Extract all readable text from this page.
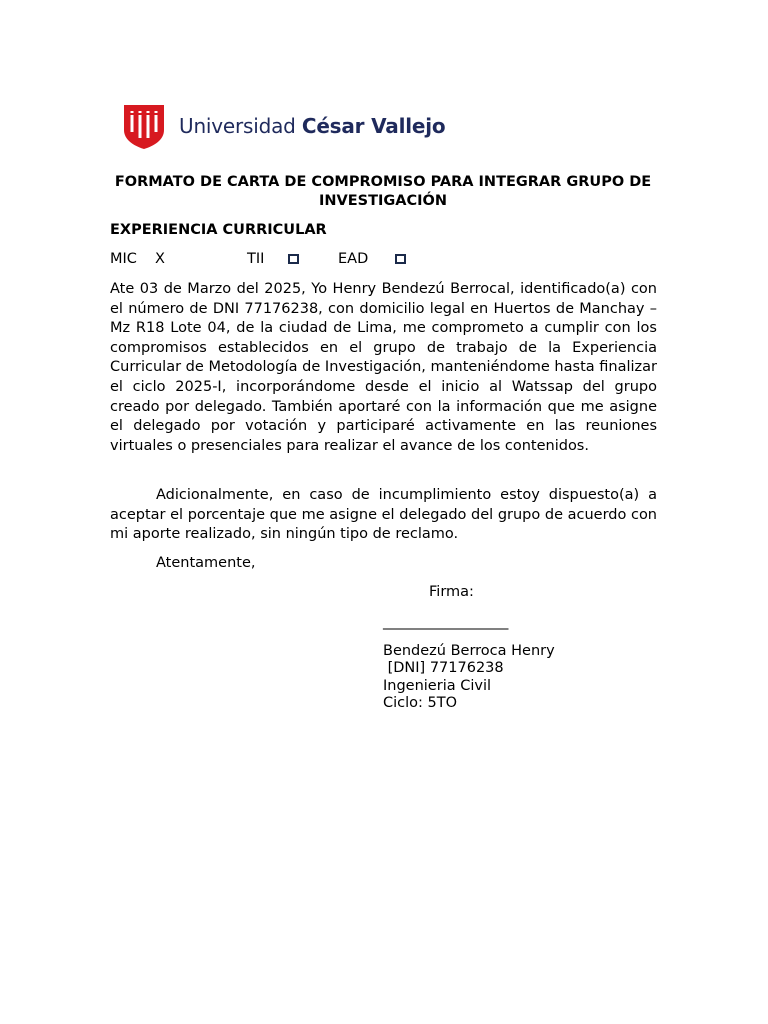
Universidad César Vallejo
FORMATO DE CARTA DE COMPROMISO PARA INTEGRAR GRUPO DE INVESTIGACIÓN
EXPERIENCIA CURRICULAR
MIC X	TII	EAD

Ate 03 de Marzo del 2025, Yo Henry Bendezú Berrocal, identificado(a) con el número de DNI 77176238, con domicilio legal en Huertos de Manchay – Mz R18 Lote 04, de la ciudad de Lima, me comprometo a cumplir con los compromisos establecidos en el grupo de trabajo de la Experiencia Curricular de Metodología de Investigación, manteniéndome hasta finalizar el ciclo 2025-I, incorporándome desde el inicio al Watssap del grupo creado por delegado. También aportaré con la información que me asigne el delegado por votación y participaré activamente en las reuniones virtuales o presenciales para realizar el avance de los contenidos.

Adicionalmente, en caso de incumplimiento estoy dispuesto(a) a aceptar el porcentaje que me asigne el delegado del grupo de acuerdo con mi aporte realizado, sin ningún tipo de reclamo.

Atentamente,
Firma:
__________________
Bendezú Berroca Henry
[DNI] 77176238
Ingenieria Civil
Ciclo: 5TO
